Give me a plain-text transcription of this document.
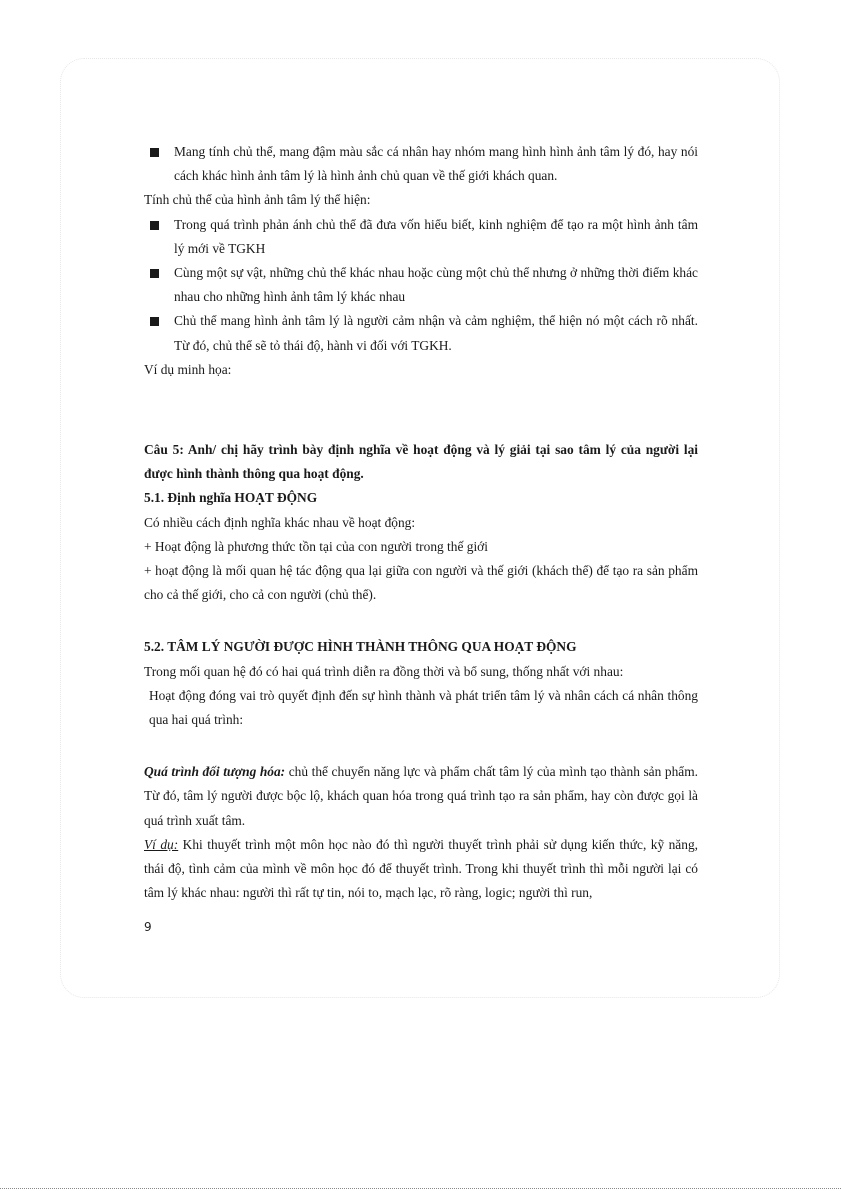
Mang tính chủ thể, mang đậm màu sắc cá nhân hay nhóm mang hình hình ảnh tâm lý đó, hay nói cách khác hình ảnh tâm lý là hình ảnh chủ quan về thế giới khách quan.

Tính chủ thể của hình ảnh tâm lý thể hiện:

Trong quá trình phản ánh chủ thể đã đưa vốn hiểu biết, kinh nghiệm để tạo ra một hình ảnh tâm lý mới về TGKH

Cùng một sự vật, những chủ thể khác nhau hoặc cùng một chủ thể nhưng ở những thời điểm khác nhau cho những hình ảnh tâm lý khác nhau

Chủ thể mang hình ảnh tâm lý là người cảm nhận và cảm nghiệm, thể hiện nó một cách rõ nhất. Từ đó, chủ thể sẽ tỏ thái độ, hành vi đối với TGKH.

Ví dụ minh họa:

Câu 5: Anh/ chị hãy trình bày định nghĩa về hoạt động và lý giải tại sao tâm lý của người lại được hình thành thông qua hoạt động.

5.1. Định nghĩa HOẠT ĐỘNG

Có nhiều cách định nghĩa khác nhau về hoạt động:

+ Hoạt động là phương thức tồn tại của con người trong thế giới

+ hoạt động là mối quan hệ tác động qua lại giữa con người và thế giới (khách thể) để tạo ra sản phẩm cho cả thế giới, cho cả con người (chủ thể).

5.2. TÂM LÝ NGƯỜI ĐƯỢC HÌNH THÀNH THÔNG QUA HOẠT ĐỘNG

Trong mối quan hệ đó có hai quá trình diễn ra đồng thời và bổ sung, thống nhất với nhau:

Hoạt động đóng vai trò quyết định đến sự hình thành và phát triển tâm lý và nhân cách cá nhân thông qua hai quá trình:

Quá trình đối tượng hóa: chủ thể chuyển năng lực và phẩm chất tâm lý của mình tạo thành sản phẩm. Từ đó, tâm lý người được bộc lộ, khách quan hóa trong quá trình tạo ra sản phẩm, hay còn được gọi là quá trình xuất tâm.

Ví dụ: Khi thuyết trình một môn học nào đó thì người thuyết trình phải sử dụng kiến thức, kỹ năng, thái độ, tình cảm của mình về môn học đó để thuyết trình. Trong khi thuyết trình thì mỗi người lại có tâm lý khác nhau: người thì rất tự tin, nói to, mạch lạc, rõ ràng, logic; người thì run,

9
